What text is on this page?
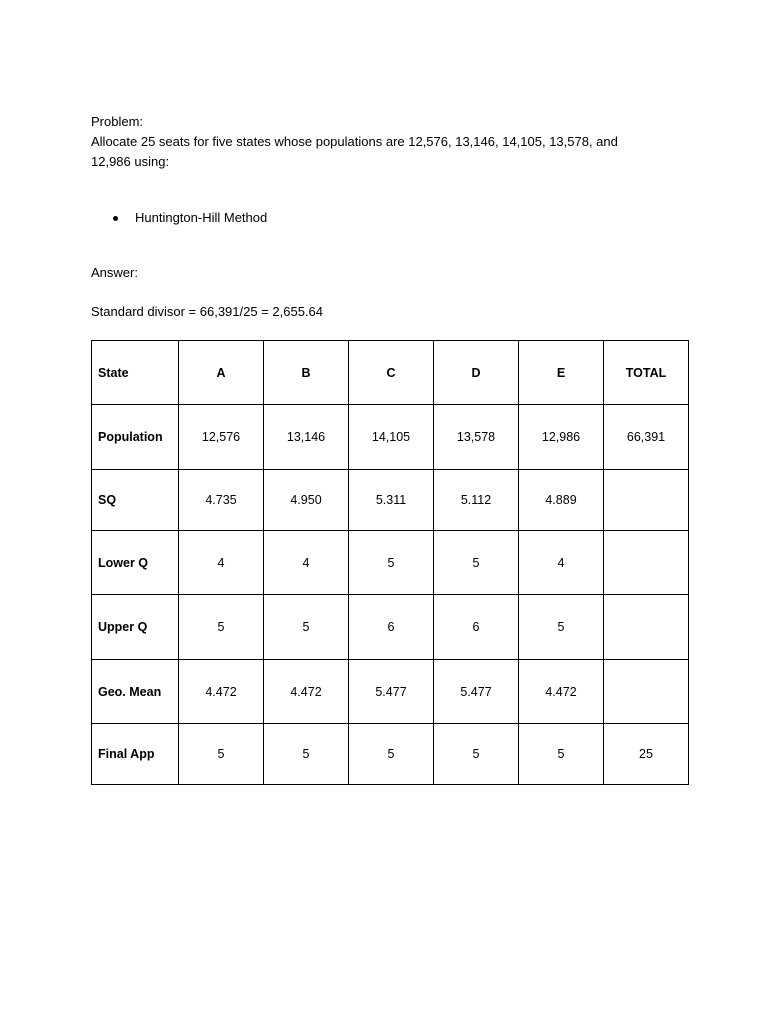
Problem:
Allocate 25 seats for five states whose populations are 12,576, 13,146, 14,105, 13,578, and
12,986 using:
Huntington-Hill Method
Answer:
Standard divisor = 66,391/25 = 2,655.64
State	A	B	C	D	E	TOTAL
Population	12,576	13,146	14,105	13,578	12,986	66,391
SQ	4.735	4.950	5.311	5.112	4.889	
Lower Q	4	4	5	5	4	
Upper Q	5	5	6	6	5	
Geo. Mean	4.472	4.472	5.477	5.477	4.472	
Final App	5	5	5	5	5	25
